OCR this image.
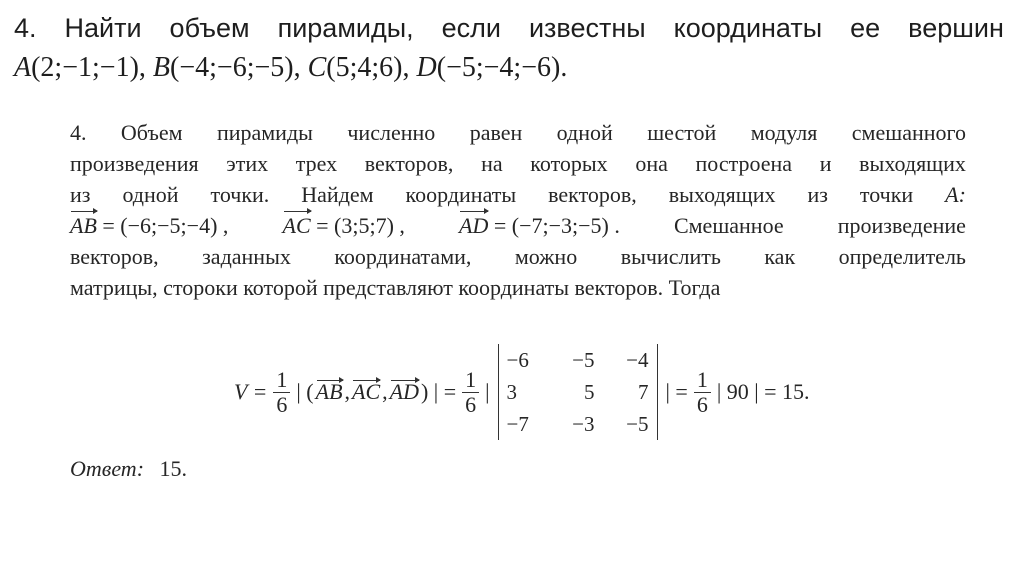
4. Найти объем пирамиды, если известны координаты ее вершин
A(2;−1;−1), B(−4;−6;−5), C(5;4;6), D(−5;−4;−6).
4. Объем пирамиды численно равен одной шестой модуля смешанного
произведения этих трех векторов, на которых она построена и выходящих
из одной точки. Найдем координаты векторов, выходящих из точки A:
AB = (−6;−5;−4) , AC = (3;5;7) , AD = (−7;−3;−5) . Смешанное произведение
векторов, заданных координатами, можно вычислить как определитель
матрицы, стороки которой представляют координаты векторов. Тогда
$V = \frac{1}{6}$ | ( AB , AC , AD ) | = $\frac{1}{6}$ |
−6	−5	−4
3	5	7
−7	−3	−5
| = $\frac{1}{6}$ | 90 | = 15.
Ответ: 15.
